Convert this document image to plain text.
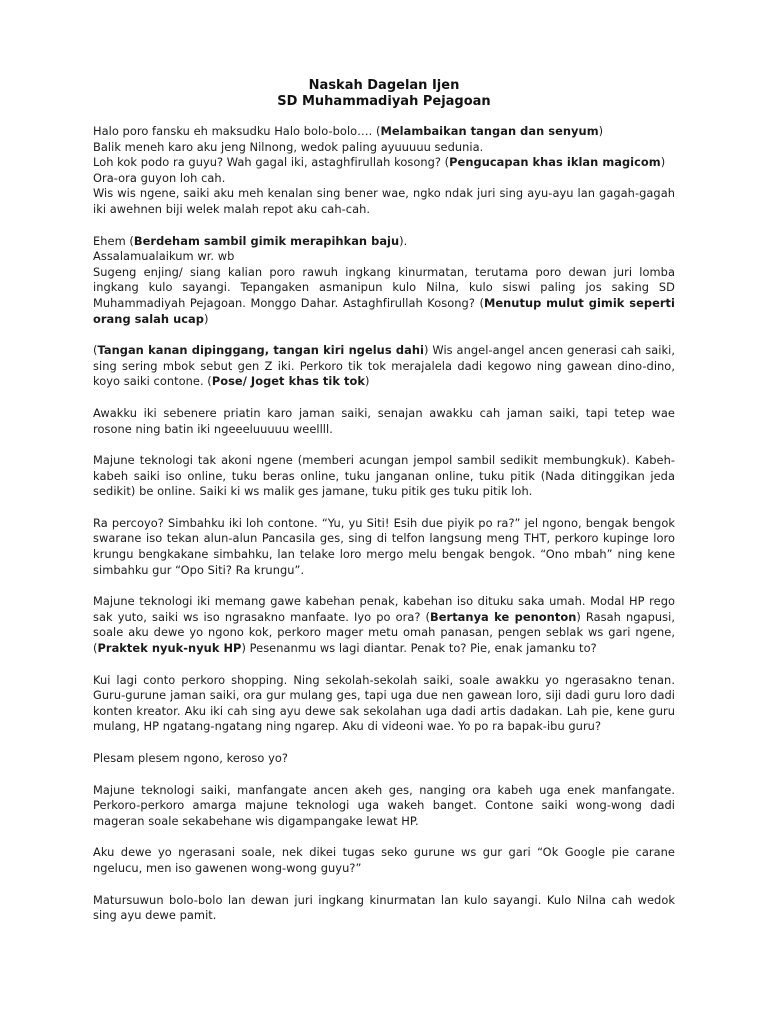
Naskah Dagelan Ijen
SD Muhammadiyah Pejagoan

Halo poro fansku eh maksudku Halo bolo-bolo…. (Melambaikan tangan dan senyum)
Balik meneh karo aku jeng Nilnong, wedok paling ayuuuuu sedunia.
Loh kok podo ra guyu? Wah gagal iki, astaghfirullah kosong? (Pengucapan khas iklan magicom)
Ora-ora guyon loh cah.
Wis wis ngene, saiki aku meh kenalan sing bener wae, ngko ndak juri sing ayu-ayu lan gagah-gagah iki awehnen biji welek malah repot aku cah-cah.

Ehem (Berdeham sambil gimik merapihkan baju).
Assalamualaikum wr. wb
Sugeng enjing/ siang kalian poro rawuh ingkang kinurmatan, terutama poro dewan juri lomba ingkang kulo sayangi. Tepangaken asmanipun kulo Nilna, kulo siswi paling jos saking SD Muhammadiyah Pejagoan. Monggo Dahar. Astaghfirullah Kosong? (Menutup mulut gimik seperti orang salah ucap)

(Tangan kanan dipinggang, tangan kiri ngelus dahi) Wis angel-angel ancen generasi cah saiki, sing sering mbok sebut gen Z iki. Perkoro tik tok merajalela dadi kegowo ning gawean dino-dino, koyo saiki contone. (Pose/ Joget khas tik tok)

Awakku iki sebenere priatin karo jaman saiki, senajan awakku cah jaman saiki, tapi tetep wae rosone ning batin iki ngeeeluuuuu weellll.

Majune teknologi tak akoni ngene (memberi acungan jempol sambil sedikit membungkuk). Kabeh-kabeh saiki iso online, tuku beras online, tuku janganan online, tuku pitik (Nada ditinggikan jeda sedikit) be online. Saiki ki ws malik ges jamane, tuku pitik ges tuku pitik loh.

Ra percoyo? Simbahku iki loh contone. “Yu, yu Siti! Esih due piyik po ra?” jel ngono, bengak bengok swarane iso tekan alun-alun Pancasila ges, sing di telfon langsung meng THT, perkoro kupinge loro krungu bengkakane simbahku, lan telake loro mergo melu bengak bengok. “Ono mbah” ning kene simbahku gur “Opo Siti? Ra krungu”.

Majune teknologi iki memang gawe kabehan penak, kabehan iso dituku saka umah. Modal HP rego sak yuto, saiki ws iso ngrasakno manfaate. Iyo po ora? (Bertanya ke penonton) Rasah ngapusi, soale aku dewe yo ngono kok, perkoro mager metu omah panasan, pengen seblak ws gari ngene, (Praktek nyuk-nyuk HP) Pesenanmu ws lagi diantar. Penak to? Pie, enak jamanku to?

Kui lagi conto perkoro shopping. Ning sekolah-sekolah saiki, soale awakku yo ngerasakno tenan. Guru-gurune jaman saiki, ora gur mulang ges, tapi uga due nen gawean loro, siji dadi guru loro dadi konten kreator. Aku iki cah sing ayu dewe sak sekolahan uga dadi artis dadakan. Lah pie, kene guru mulang, HP ngatang-ngatang ning ngarep. Aku di videoni wae. Yo po ra bapak-ibu guru?

Plesam plesem ngono, keroso yo?

Majune teknologi saiki, manfangate ancen akeh ges, nanging ora kabeh uga enek manfangate. Perkoro-perkoro amarga majune teknologi uga wakeh banget. Contone saiki wong-wong dadi mageran soale sekabehane wis digampangake lewat HP.

Aku dewe yo ngerasani soale, nek dikei tugas seko gurune ws gur gari “Ok Google pie carane ngelucu, men iso gawenen wong-wong guyu?”

Matursuwun bolo-bolo lan dewan juri ingkang kinurmatan lan kulo sayangi. Kulo Nilna cah wedok sing ayu dewe pamit.
